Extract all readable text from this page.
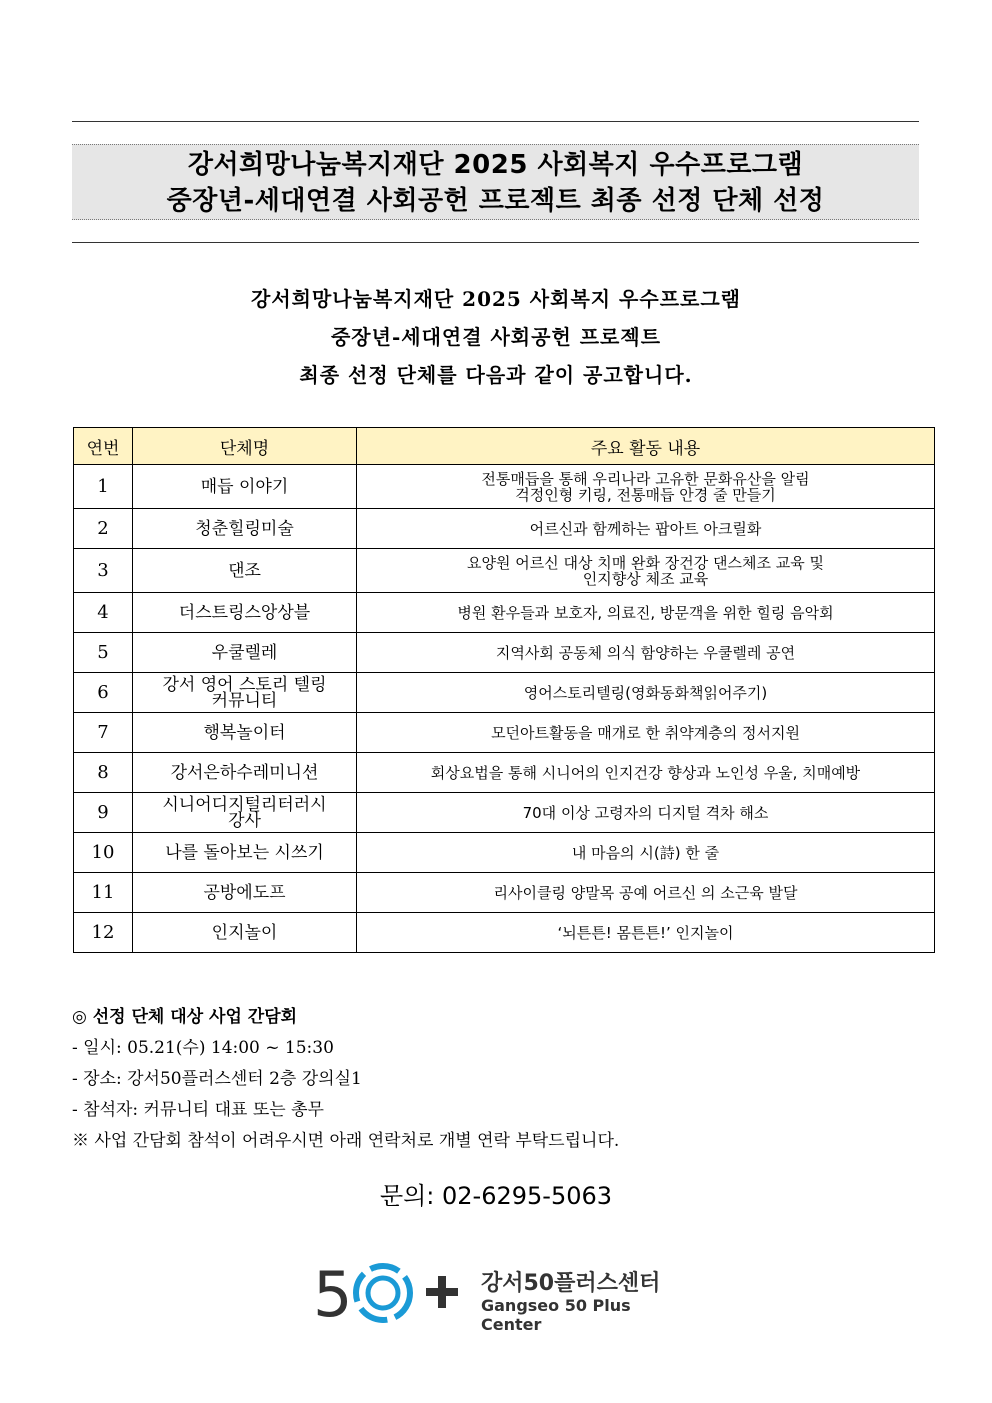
강서희망나눔복지재단 2025 사회복지 우수프로그램
중장년-세대연결 사회공헌 프로젝트 최종 선정 단체 선정
강서희망나눔복지재단 2025 사회복지 우수프로그램
중장년-세대연결 사회공헌 프로젝트
최종 선정 단체를 다음과 같이 공고합니다.
연번	단체명	주요 활동 내용
1	매듭 이야기	전통매듭을 통해 우리나라 고유한 문화유산을 알림
걱정인형 키링, 전통매듭 안경 줄 만들기

2	청춘힐링미술	어르신과 함께하는 팝아트 아크릴화
3	댄조	요양원 어르신 대상 치매 완화 장건강 댄스체조 교육 및
인지향상 체조 교육

4	더스트링스앙상블	병원 환우들과 보호자, 의료진, 방문객을 위한 힐링 음악회
5	우쿨렐레	지역사회 공동체 의식 함양하는 우쿨렐레 공연
6	강서 영어 스토리 텔링
커뮤니티	영어스토리텔링(영화동화책읽어주기)
7	행복놀이터	모던아트활동을 매개로 한 취약계층의 정서지원
8	강서은하수레미니션	회상요법을 통해 시니어의 인지건강 향상과 노인성 우울, 치매예방
9	시니어디지털리터러시
강사	70대 이상 고령자의 디지털 격차 해소
10	나를 돌아보는 시쓰기	내 마음의 시(詩) 한 줄
11	공방에도프	리사이클링 양말목 공예 어르신 의 소근육 발달
12	인지놀이	‘뇌튼튼! 몸튼튼!’ 인지놀이
◎ 선정 단체 대상 사업 간담회
- 일시: 05.21(수) 14:00 ~ 15:30
- 장소: 강서50플러스센터 2층 강의실1
- 참석자: 커뮤니티 대표 또는 총무
※ 사업 간담회 참석이 어려우시면 아래 연락처로 개별 연락 부탁드립니다.
문의: 02-6295-5063
5	강서50플러스센터
Gangseo 50 Plus Center
